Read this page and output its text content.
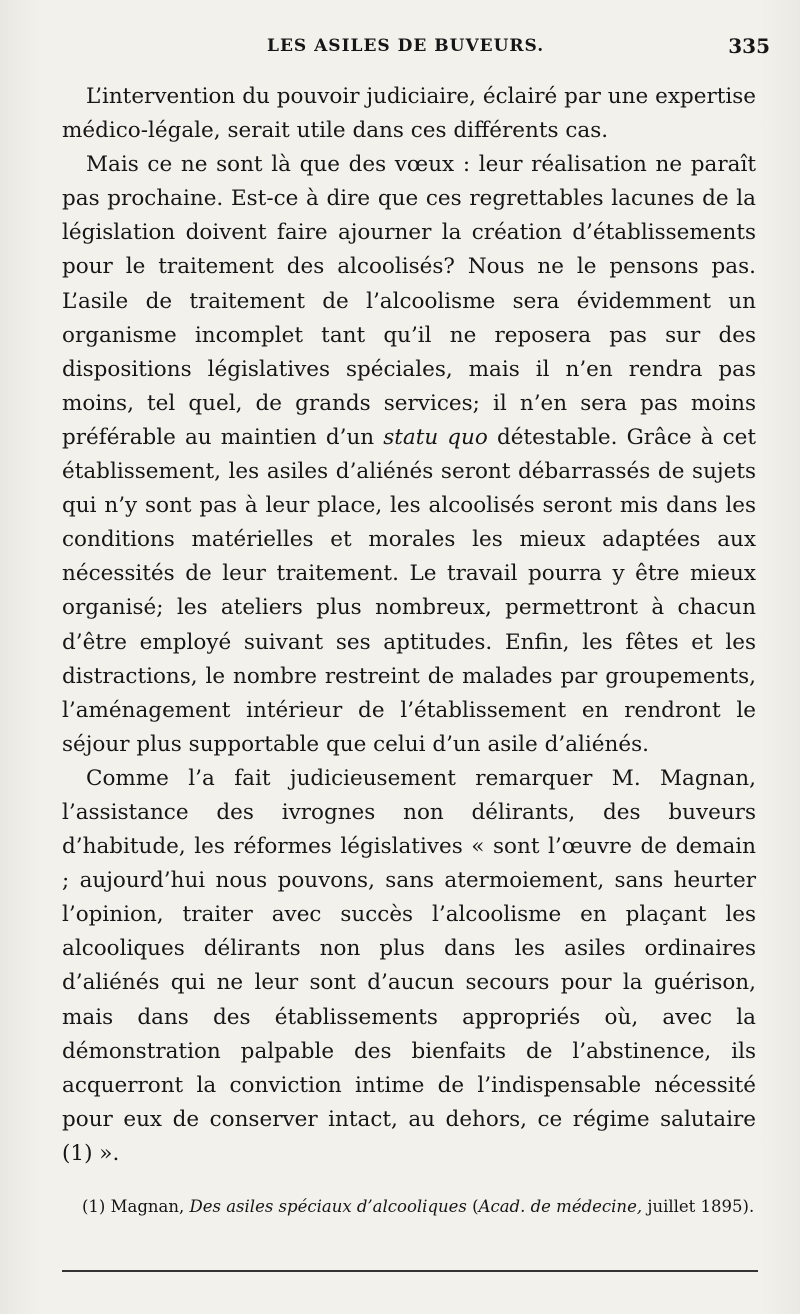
LES ASILES DE BUVEURS.	335

L’intervention du pouvoir judiciaire, éclairé par une expertise médico-légale, serait utile dans ces différents cas.

Mais ce ne sont là que des vœux : leur réalisation ne paraît pas prochaine. Est-ce à dire que ces regrettables lacunes de la législation doivent faire ajourner la création d’établissements pour le traitement des alcoolisés? Nous ne le pensons pas. L’asile de traitement de l’alcoolisme sera évidemment un organisme incomplet tant qu’il ne reposera pas sur des dispositions législatives spéciales, mais il n’en rendra pas moins, tel quel, de grands services; il n’en sera pas moins préférable au maintien d’un statu quo détestable. Grâce à cet établissement, les asiles d’aliénés seront débarrassés de sujets qui n’y sont pas à leur place, les alcoolisés seront mis dans les conditions matérielles et morales les mieux adaptées aux nécessités de leur traitement. Le travail pourra y être mieux organisé; les ateliers plus nombreux, permettront à chacun d’être employé suivant ses aptitudes. Enfin, les fêtes et les distractions, le nombre restreint de malades par groupements, l’aménagement intérieur de l’établissement en rendront le séjour plus supportable que celui d’un asile d’aliénés.

Comme l’a fait judicieusement remarquer M. Magnan, l’assistance des ivrognes non délirants, des buveurs d’habitude, les réformes législatives « sont l’œuvre de demain ; aujourd’hui nous pouvons, sans atermoiement, sans heurter l’opinion, traiter avec succès l’alcoolisme en plaçant les alcooliques délirants non plus dans les asiles ordinaires d’aliénés qui ne leur sont d’aucun secours pour la guérison, mais dans des établissements appropriés où, avec la démonstration palpable des bienfaits de l’abstinence, ils acquerront la conviction intime de l’indispensable nécessité pour eux de conserver intact, au dehors, ce régime salutaire (1) ».

(1) Magnan, Des asiles spéciaux d’alcooliques (Acad. de médecine, juillet 1895).
